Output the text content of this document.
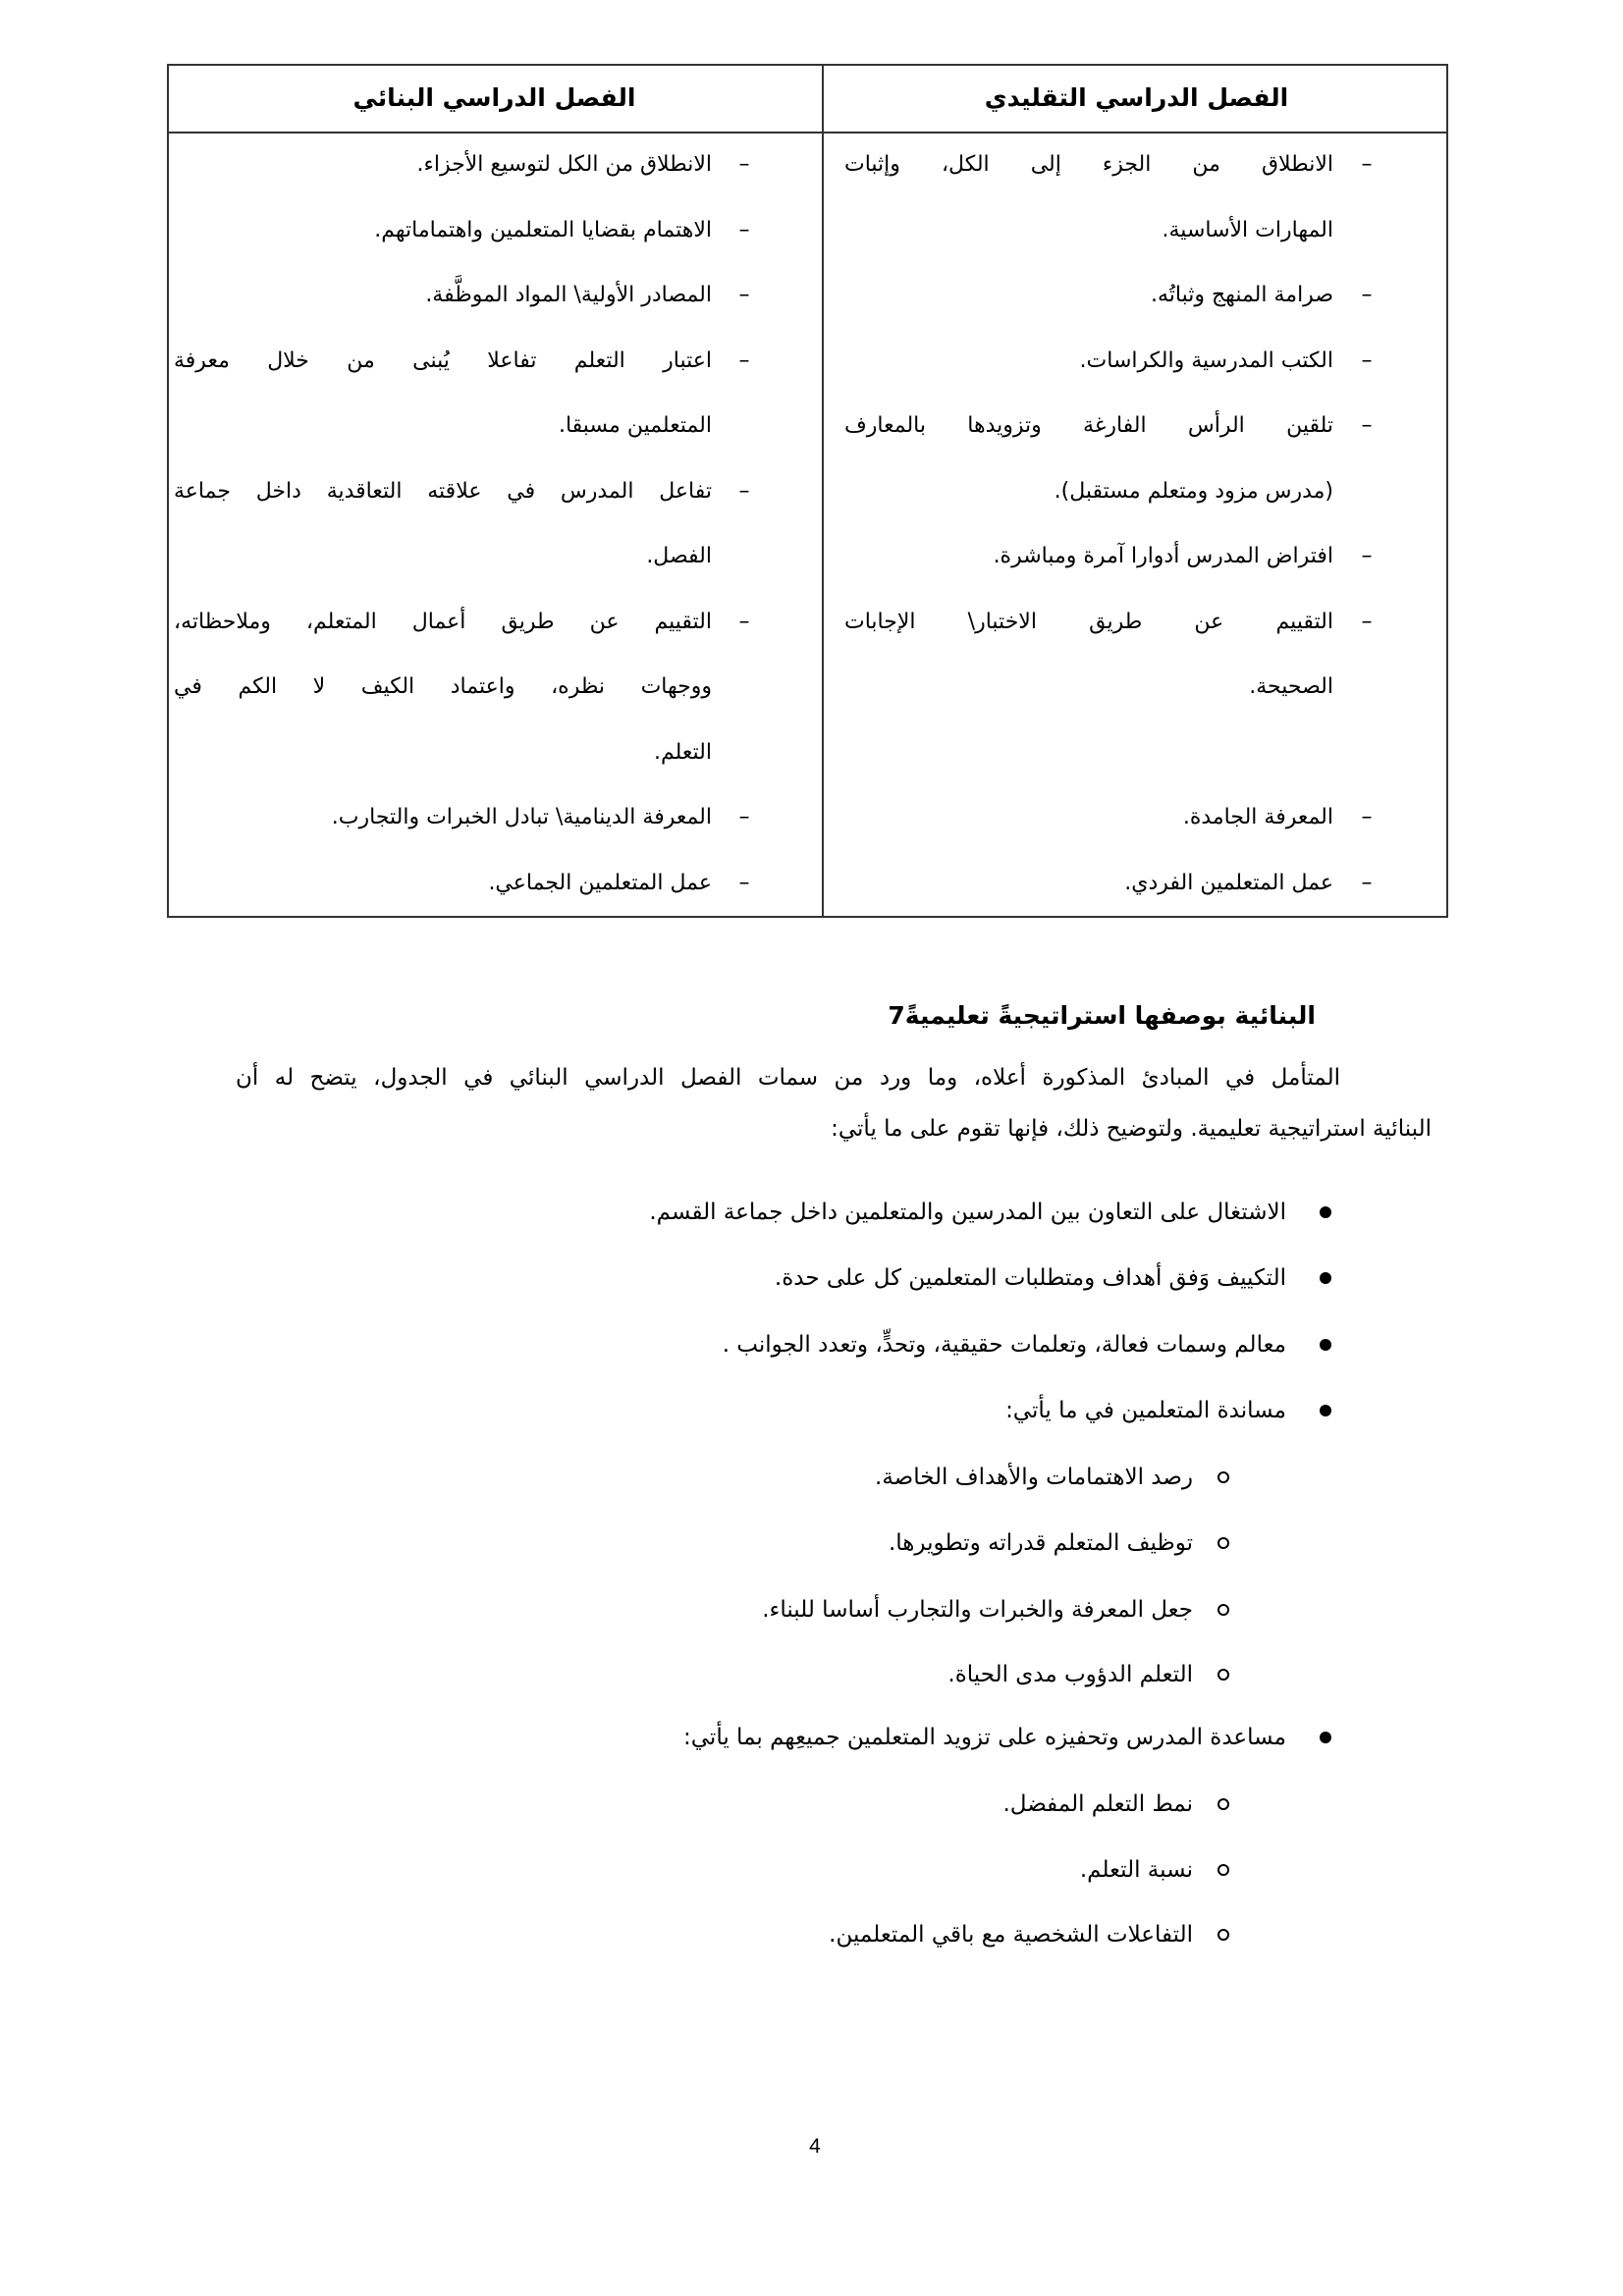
الفصل الدراسي التقليدي
الفصل الدراسي البنائي
–
الانطلاق من الجزء إلى الكل، وإثبات
المهارات الأساسية.
–
صرامة المنهج وثباتُه.
–
الكتب المدرسية والكراسات.
–
تلقين الرأس الفارغة وتزويدها بالمعارف
(مدرس مزود ومتعلم مستقبل).
–
افتراض المدرس أدوارا آمرة ومباشرة.
–
التقييم عن طريق الاختبار\ الإجابات
الصحيحة.
–
المعرفة الجامدة.
–
عمل المتعلمين الفردي.
–
الانطلاق من الكل لتوسيع الأجزاء.
–
الاهتمام بقضايا المتعلمين واهتماماتهم.
–
المصادر الأولية\ المواد الموظَّفة.
–
اعتبار التعلم تفاعلا يُبنى من خلال معرفة
المتعلمين مسبقا.
–
تفاعل المدرس في علاقته التعاقدية داخل جماعة
الفصل.
–
التقييم عن طريق أعمال المتعلم، وملاحظاته،
ووجهات نظره، واعتماد الكيف لا الكم في
التعلم.
–
المعرفة الدينامية\ تبادل الخبرات والتجارب.
–
عمل المتعلمين الجماعي.
البنائية بوصفها استراتيجيةً تعليميةً7
المتأمل في المبادئ المذكورة أعلاه، وما ورد من سمات الفصل الدراسي البنائي في الجدول، يتضح له أن
البنائية استراتيجية تعليمية. ولتوضيح ذلك، فإنها تقوم على ما يأتي:
الاشتغال على التعاون بين المدرسين والمتعلمين داخل جماعة القسم.
التكييف وَفق أهداف ومتطلبات المتعلمين كل على حدة.
معالم وسمات فعالة، وتعلمات حقيقية، وتحدٍّ، وتعدد الجوانب .
مساندة المتعلمين في ما يأتي:
رصد الاهتمامات والأهداف الخاصة.
توظيف المتعلم قدراته وتطويرها.
جعل المعرفة والخبرات والتجارب أساسا للبناء.
التعلم الدؤوب مدى الحياة.
مساعدة المدرس وتحفيزه على تزويد المتعلمين جميعِهم بما يأتي:
نمط التعلم المفضل.
نسبة التعلم.
التفاعلات الشخصية مع باقي المتعلمين.
4
